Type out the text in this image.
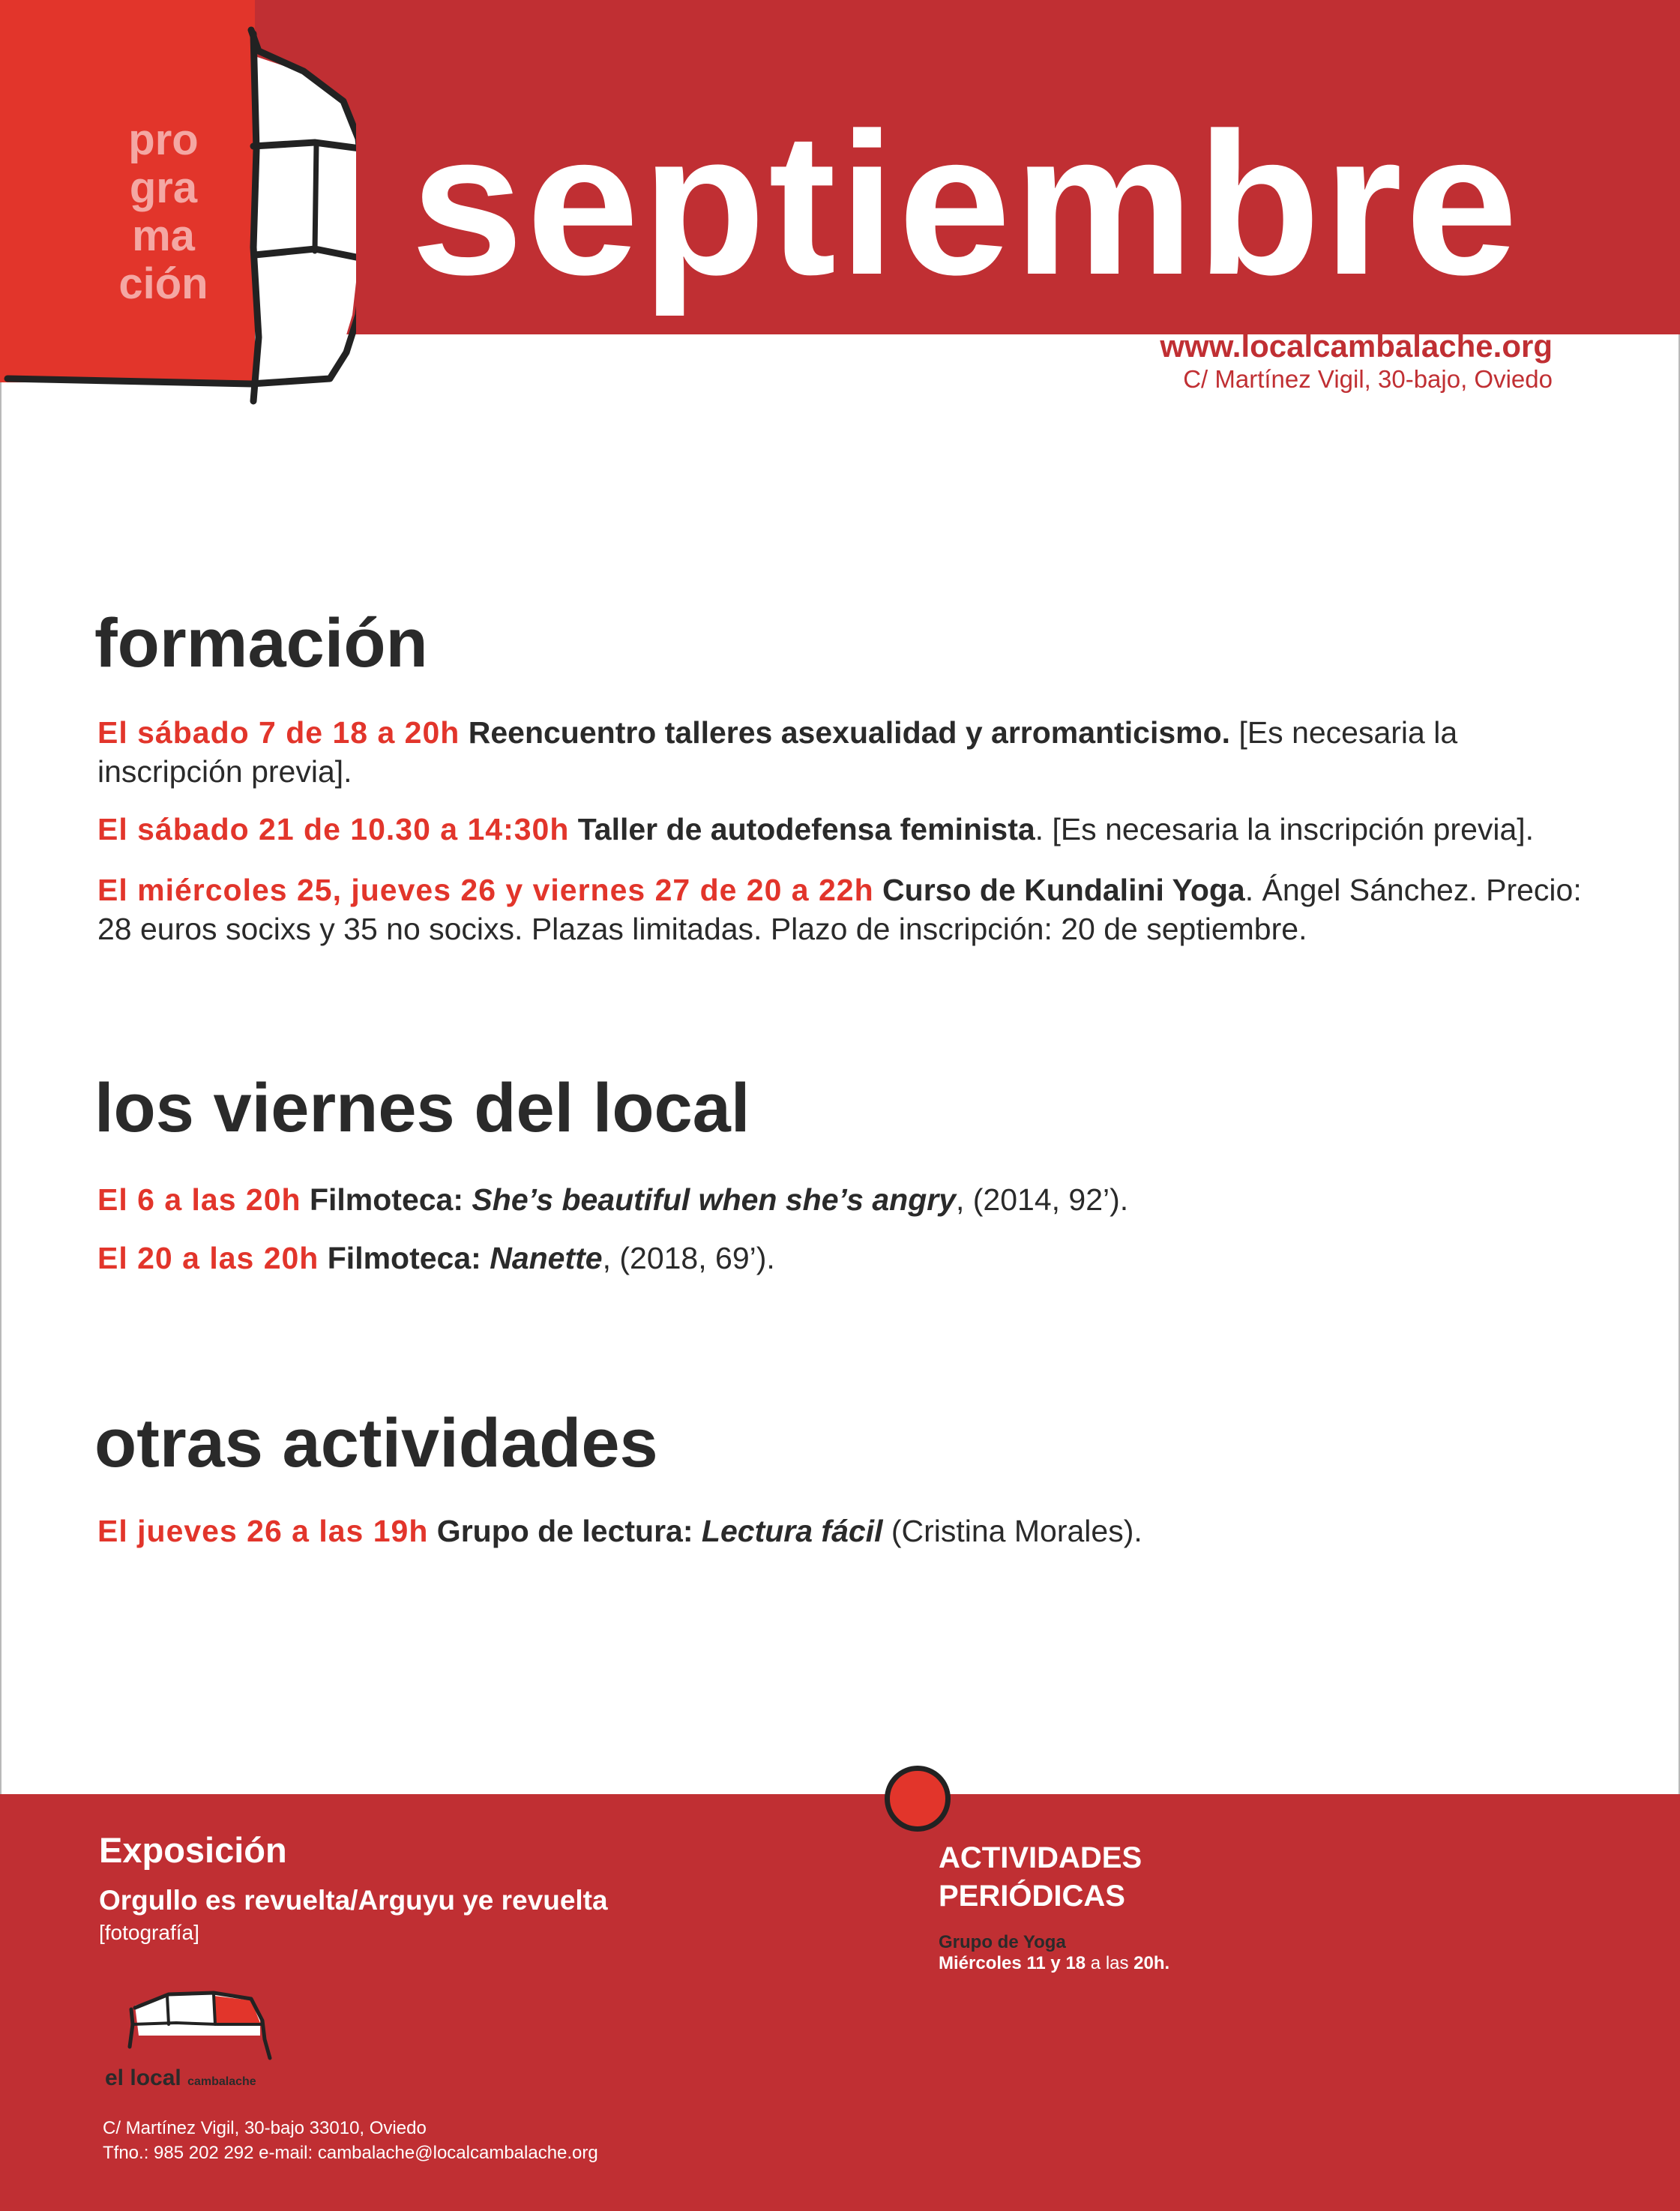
pro
gra
ma
ción septiembre
www.localcambalache.org
C/ Martínez Vigil, 30-bajo, Oviedo
formación
El sábado 7 de 18 a 20h Reencuentro talleres asexualidad y arromanticismo. [Es necesaria la inscripción previa].
El sábado 21 de 10.30 a 14:30h Taller de autodefensa feminista. [Es necesaria la inscripción previa].
El miércoles 25, jueves 26 y viernes 27 de 20 a 22h Curso de Kundalini Yoga. Ángel Sánchez. Precio: 28 euros socixs y 35 no socixs. Plazas limitadas. Plazo de inscripción: 20 de septiembre.
los viernes del local
El 6 a las 20h Filmoteca: She’s beautiful when she’s angry, (2014, 92’).
El 20 a las 20h Filmoteca: Nanette, (2018, 69’).
otras actividades
El jueves 26 a las 19h Grupo de lectura: Lectura fácil (Cristina Morales).
Exposición
Orgullo es revuelta/Arguyu ye revuelta
[fotografía]
ACTIVIDADES PERIÓDICAS
Grupo de Yoga
Miércoles 11 y 18 a las 20h.
el local cambalache
C/ Martínez Vigil, 30-bajo 33010, Oviedo
Tfno.: 985 202 292 e-mail: cambalache@localcambalache.org
